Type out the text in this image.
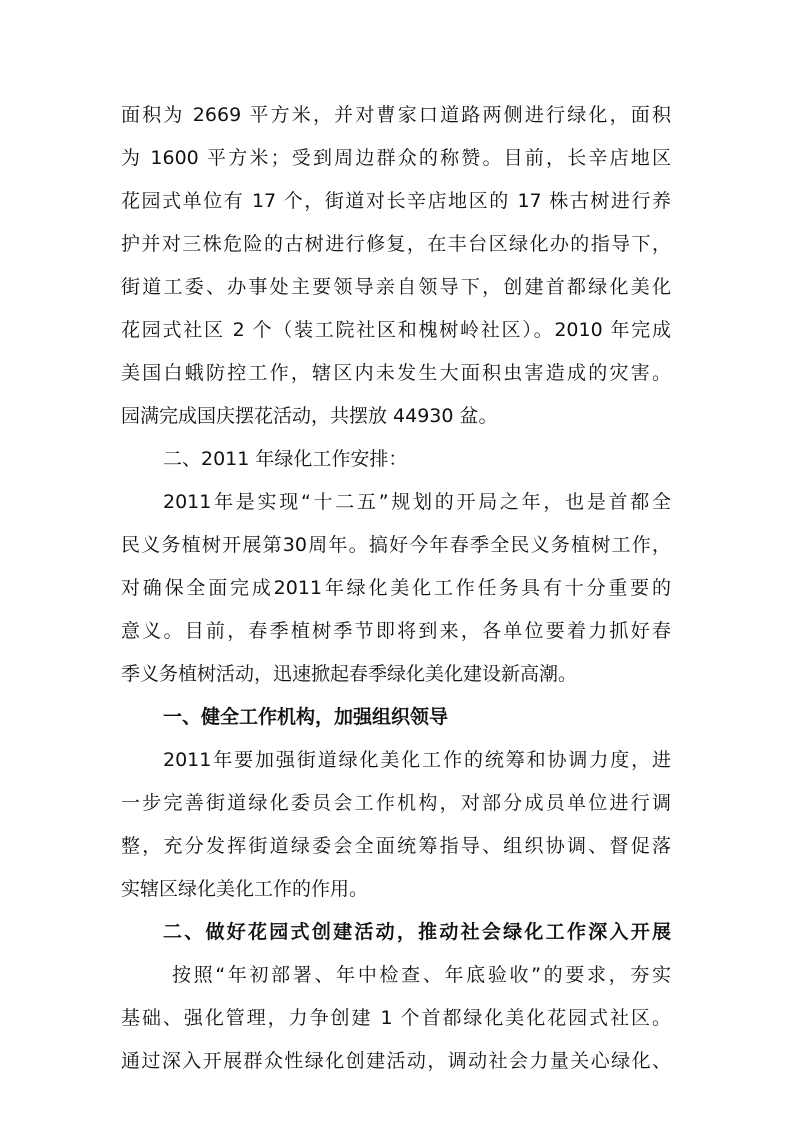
面积为 2669 平方米，并对曹家口道路两侧进行绿化，面积
为 1600 平方米；受到周边群众的称赞。目前，长辛店地区
花园式单位有 17 个，街道对长辛店地区的 17 株古树进行养
护并对三株危险的古树进行修复，在丰台区绿化办的指导下，
街道工委、办事处主要领导亲自领导下，创建首都绿化美化
花园式社区 2 个（装工院社区和槐树岭社区）。2010 年完成
美国白蛾防控工作，辖区内未发生大面积虫害造成的灾害。
园满完成国庆摆花活动，共摆放 44930 盆。
二、2011 年绿化工作安排：
2011年是实现“十二五”规划的开局之年，也是首都全
民义务植树开展第30周年。搞好今年春季全民义务植树工作，
对确保全面完成2011年绿化美化工作任务具有十分重要的
意义。目前，春季植树季节即将到来，各单位要着力抓好春
季义务植树活动，迅速掀起春季绿化美化建设新高潮。
一、健全工作机构，加强组织领导
2011年要加强街道绿化美化工作的统筹和协调力度，进
一步完善街道绿化委员会工作机构，对部分成员单位进行调
整，充分发挥街道绿委会全面统筹指导、组织协调、督促落
实辖区绿化美化工作的作用。
二、做好花园式创建活动，推动社会绿化工作深入开展
按照“年初部署、年中检查、年底验收”的要求，夯实
基础、强化管理，力争创建 1 个首都绿化美化花园式社区。
通过深入开展群众性绿化创建活动，调动社会力量关心绿化、
